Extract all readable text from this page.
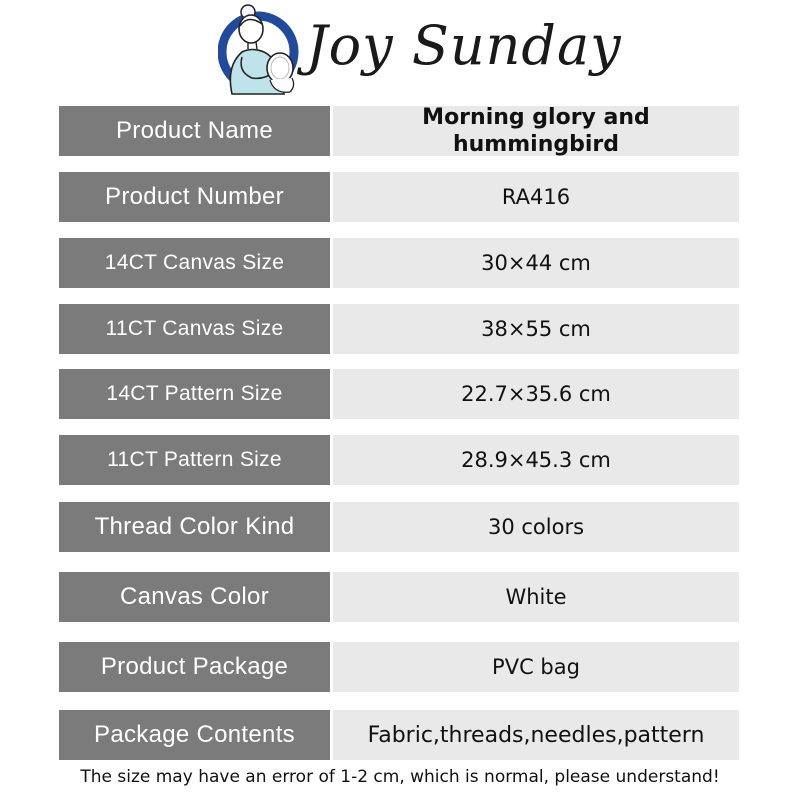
Joy Sunday
Product Name	Morning glory and hummingbird
Product Number	RA416
14CT Canvas Size	30×44 cm
11CT Canvas Size	38×55 cm
14CT Pattern Size	22.7×35.6 cm
11CT Pattern Size	28.9×45.3 cm
Thread Color Kind	30 colors
Canvas Color	White
Product Package	PVC bag
Package Contents	Fabric,threads,needles,pattern
The size may have an error of 1-2 cm, which is normal, please understand!
